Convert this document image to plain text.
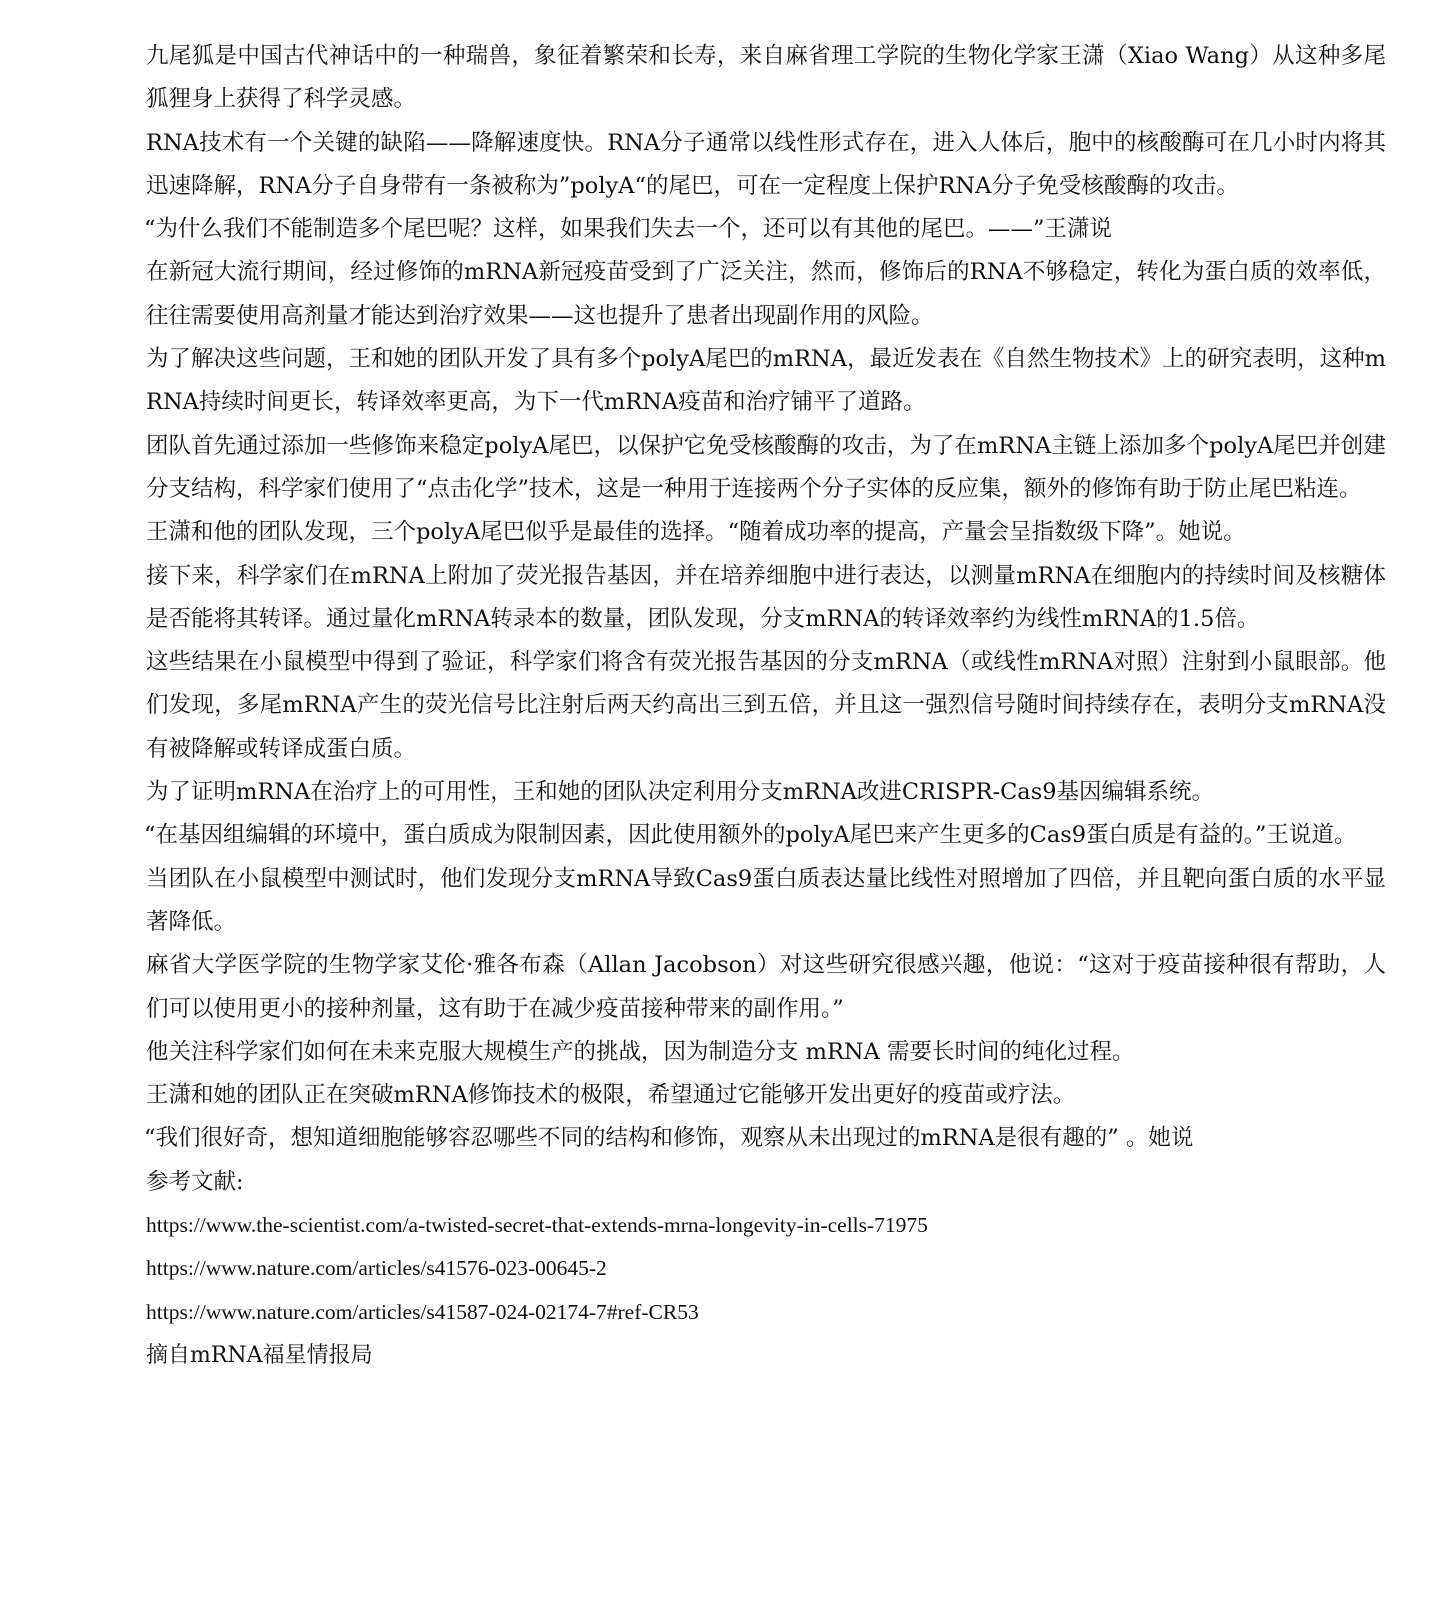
九尾狐是中国古代神话中的一种瑞兽，象征着繁荣和长寿，来自麻省理工学院的生物化学家王潇（Xiao Wang）从这种多尾狐狸身上获得了科学灵感。

RNA技术有一个关键的缺陷——降解速度快。RNA分子通常以线性形式存在，进入人体后，胞中的核酸酶可在几小时内将其迅速降解，RNA分子自身带有一条被称为”polyA“的尾巴，可在一定程度上保护RNA分子免受核酸酶的攻击。

“为什么我们不能制造多个尾巴呢？这样，如果我们失去一个，还可以有其他的尾巴。——”王潇说

在新冠大流行期间，经过修饰的mRNA新冠疫苗受到了广泛关注，然而，修饰后的RNA不够稳定，转化为蛋白质的效率低，往往需要使用高剂量才能达到治疗效果——这也提升了患者出现副作用的风险。

为了解决这些问题，王和她的团队开发了具有多个polyA尾巴的mRNA，最近发表在《自然生物技术》上的研究表明，这种mRNA持续时间更长，转译效率更高，为下一代mRNA疫苗和治疗铺平了道路。

团队首先通过添加一些修饰来稳定polyA尾巴，以保护它免受核酸酶的攻击，为了在mRNA主链上添加多个polyA尾巴并创建分支结构，科学家们使用了“点击化学”技术，这是一种用于连接两个分子实体的反应集，额外的修饰有助于防止尾巴粘连。

王潇和他的团队发现，三个polyA尾巴似乎是最佳的选择。“随着成功率的提高，产量会呈指数级下降”。她说。

接下来，科学家们在mRNA上附加了荧光报告基因，并在培养细胞中进行表达，以测量mRNA在细胞内的持续时间及核糖体是否能将其转译。通过量化mRNA转录本的数量，团队发现，分支mRNA的转译效率约为线性mRNA的1.5倍。

这些结果在小鼠模型中得到了验证，科学家们将含有荧光报告基因的分支mRNA（或线性mRNA对照）注射到小鼠眼部。他们发现，多尾mRNA产生的荧光信号比注射后两天约高出三到五倍，并且这一强烈信号随时间持续存在，表明分支mRNA没有被降解或转译成蛋白质。

为了证明mRNA在治疗上的可用性，王和她的团队决定利用分支mRNA改进CRISPR-Cas9基因编辑系统。

“在基因组编辑的环境中，蛋白质成为限制因素，因此使用额外的polyA尾巴来产生更多的Cas9蛋白质是有益的。”王说道。

当团队在小鼠模型中测试时，他们发现分支mRNA导致Cas9蛋白质表达量比线性对照增加了四倍，并且靶向蛋白质的水平显著降低。

麻省大学医学院的生物学家艾伦·雅各布森（Allan Jacobson）对这些研究很感兴趣，他说：“这对于疫苗接种很有帮助，人们可以使用更小的接种剂量，这有助于在减少疫苗接种带来的副作用。”

他关注科学家们如何在未来克服大规模生产的挑战，因为制造分支 mRNA 需要长时间的纯化过程。

王潇和她的团队正在突破mRNA修饰技术的极限，希望通过它能够开发出更好的疫苗或疗法。

“我们很好奇，想知道细胞能够容忍哪些不同的结构和修饰，观察从未出现过的mRNA是很有趣的” 。她说

参考文献:

https://www.the-scientist.com/a-twisted-secret-that-extends-mrna-longevity-in-cells-71975
https://www.nature.com/articles/s41576-023-00645-2
https://www.nature.com/articles/s41587-024-02174-7#ref-CR53

摘自mRNA福星情报局
